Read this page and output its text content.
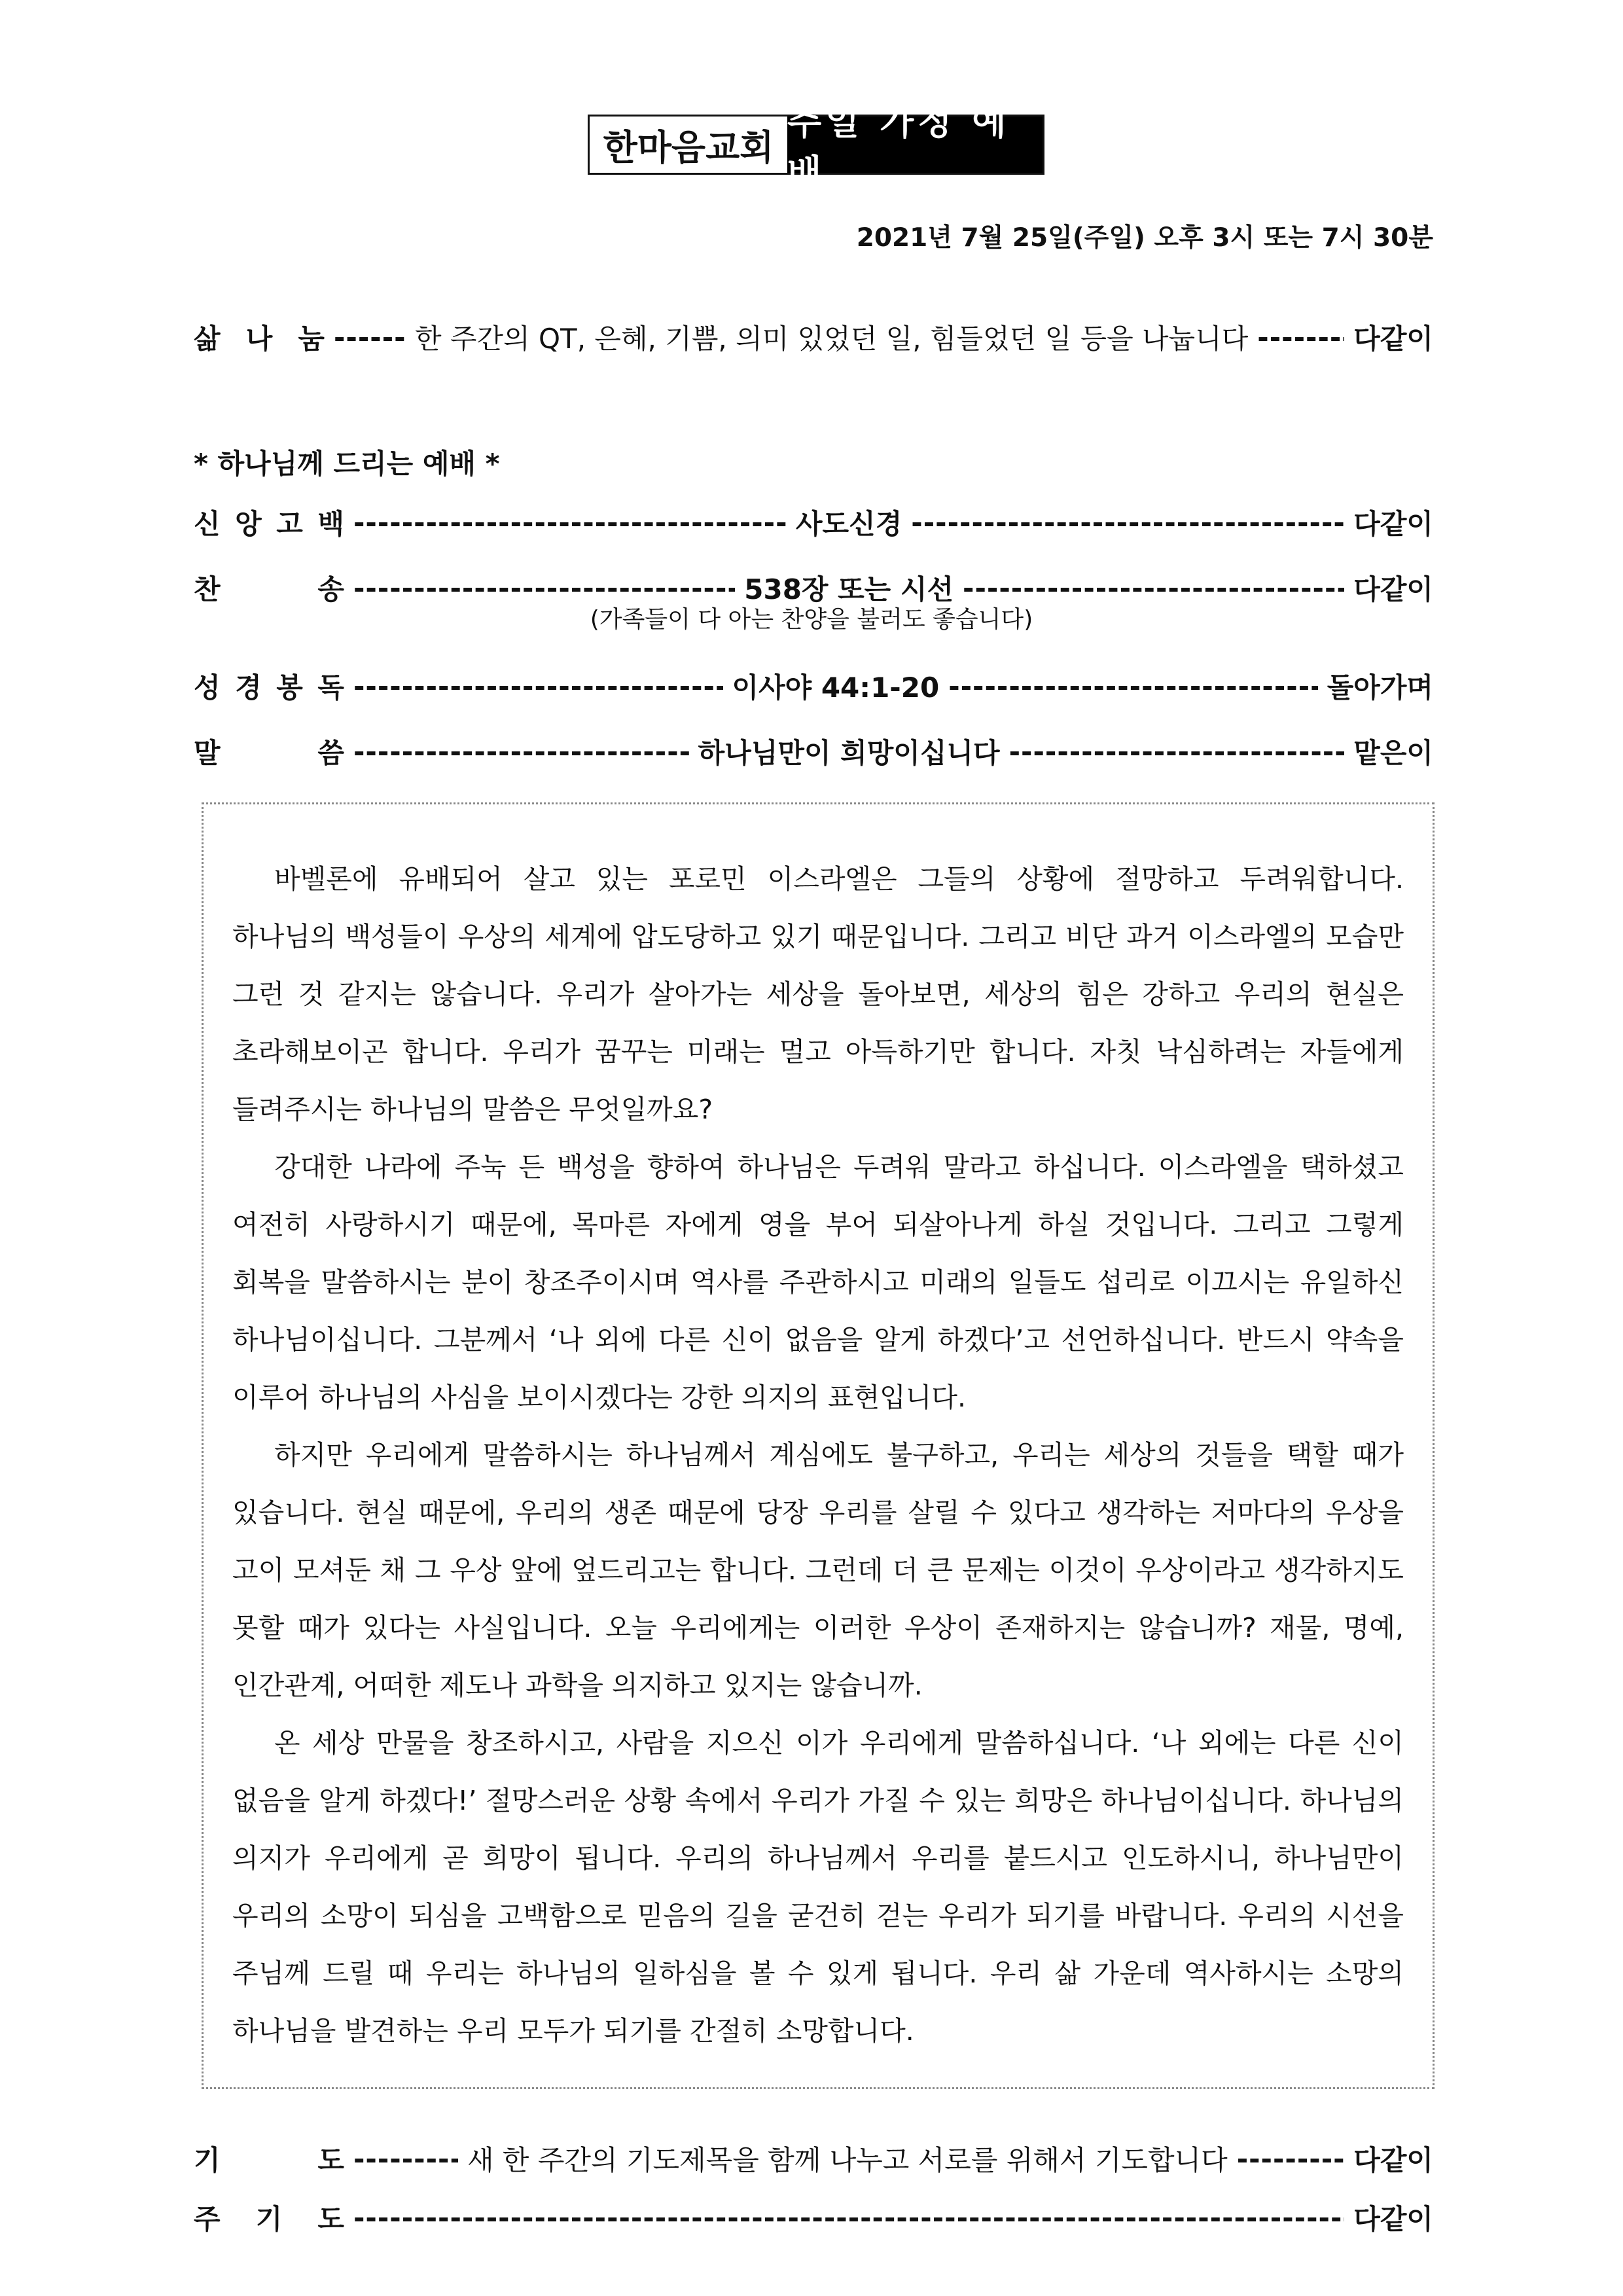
한마음교회
주일 가정 예배
2021년 7월 25일(주일) 오후 3시 또는 7시 30분
삶 나 눔 -----	한 주간의 QT, 은혜, 기쁨, 의미 있었던 일, 힘들었던 일 등을 나눕니다 -----	다같이
* 하나님께 드리는 예배 *
신 앙 고 백 -----	사도신경 -----	다같이
찬	송 -----	538장 또는 시선 -----	다같이
(가족들이 다 아는 찬양을 불러도 좋습니다)
성 경 봉 독 -----	이사야 44:1-20 -----	돌아가며
말	씀 -----	하나님만이 희망이십니다 -----	맡은이

바벨론에 유배되어 살고 있는 포로민 이스라엘은 그들의 상황에 절망하고 두려워합니다. 하나님의 백성들이 우상의 세계에 압도당하고 있기 때문입니다. 그리고 비단 과거 이스라엘의 모습만 그런 것 같지는 않습니다. 우리가 살아가는 세상을 돌아보면, 세상의 힘은 강하고 우리의 현실은 초라해보이곤 합니다. 우리가 꿈꾸는 미래는 멀고 아득하기만 합니다. 자칫 낙심하려는 자들에게 들려주시는 하나님의 말씀은 무엇일까요?

강대한 나라에 주눅 든 백성을 향하여 하나님은 두려워 말라고 하십니다. 이스라엘을 택하셨고 여전히 사랑하시기 때문에, 목마른 자에게 영을 부어 되살아나게 하실 것입니다. 그리고 그렇게 회복을 말씀하시는 분이 창조주이시며 역사를 주관하시고 미래의 일들도 섭리로 이끄시는 유일하신 하나님이십니다. 그분께서 ‘나 외에 다른 신이 없음을 알게 하겠다’고 선언하십니다. 반드시 약속을 이루어 하나님의 사심을 보이시겠다는 강한 의지의 표현입니다.

하지만 우리에게 말씀하시는 하나님께서 계심에도 불구하고, 우리는 세상의 것들을 택할 때가 있습니다. 현실 때문에, 우리의 생존 때문에 당장 우리를 살릴 수 있다고 생각하는 저마다의 우상을 고이 모셔둔 채 그 우상 앞에 엎드리고는 합니다. 그런데 더 큰 문제는 이것이 우상이라고 생각하지도 못할 때가 있다는 사실입니다. 오늘 우리에게는 이러한 우상이 존재하지는 않습니까? 재물, 명예, 인간관계, 어떠한 제도나 과학을 의지하고 있지는 않습니까.

온 세상 만물을 창조하시고, 사람을 지으신 이가 우리에게 말씀하십니다. ‘나 외에는 다른 신이 없음을 알게 하겠다!’ 절망스러운 상황 속에서 우리가 가질 수 있는 희망은 하나님이십니다. 하나님의 의지가 우리에게 곧 희망이 됩니다. 우리의 하나님께서 우리를 붙드시고 인도하시니, 하나님만이 우리의 소망이 되심을 고백함으로 믿음의 길을 굳건히 걷는 우리가 되기를 바랍니다. 우리의 시선을 주님께 드릴 때 우리는 하나님의 일하심을 볼 수 있게 됩니다. 우리 삶 가운데 역사하시는 소망의 하나님을 발견하는 우리 모두가 되기를 간절히 소망합니다.

기	도 -----	새 한 주간의 기도제목을 함께 나누고 서로를 위해서 기도합니다 -----	다같이
주 기 도 -----	다같이
